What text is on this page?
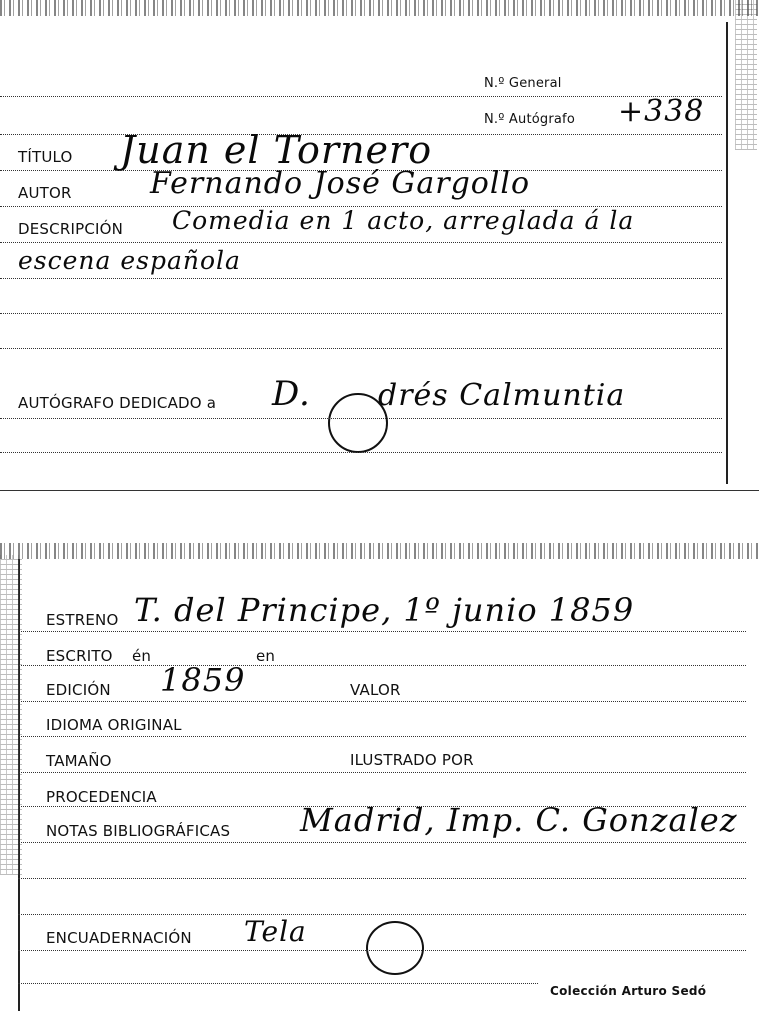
N.º General
N.º Autógrafo +338
TÍTULO Juan el Tornero
AUTOR	Fernando José Gargollo
DESCRIPCIÓN Comedia en 1 acto, arreglada á la
escena española
AUTÓGRAFO DEDICADO a D. drés Calmuntia
ESTRENO T. del Principe, 1º junio 1859
ESCRITO én	en
EDICIÓN 1859	VALOR
IDIOMA ORIGINAL
TAMAÑO	ILUSTRADO POR
PROCEDENCIA
NOTAS BIBLIOGRÁFICAS Madrid, Imp. C. Gonzalez
ENCUADERNACIÓN Tela
Colección Arturo Sedó
